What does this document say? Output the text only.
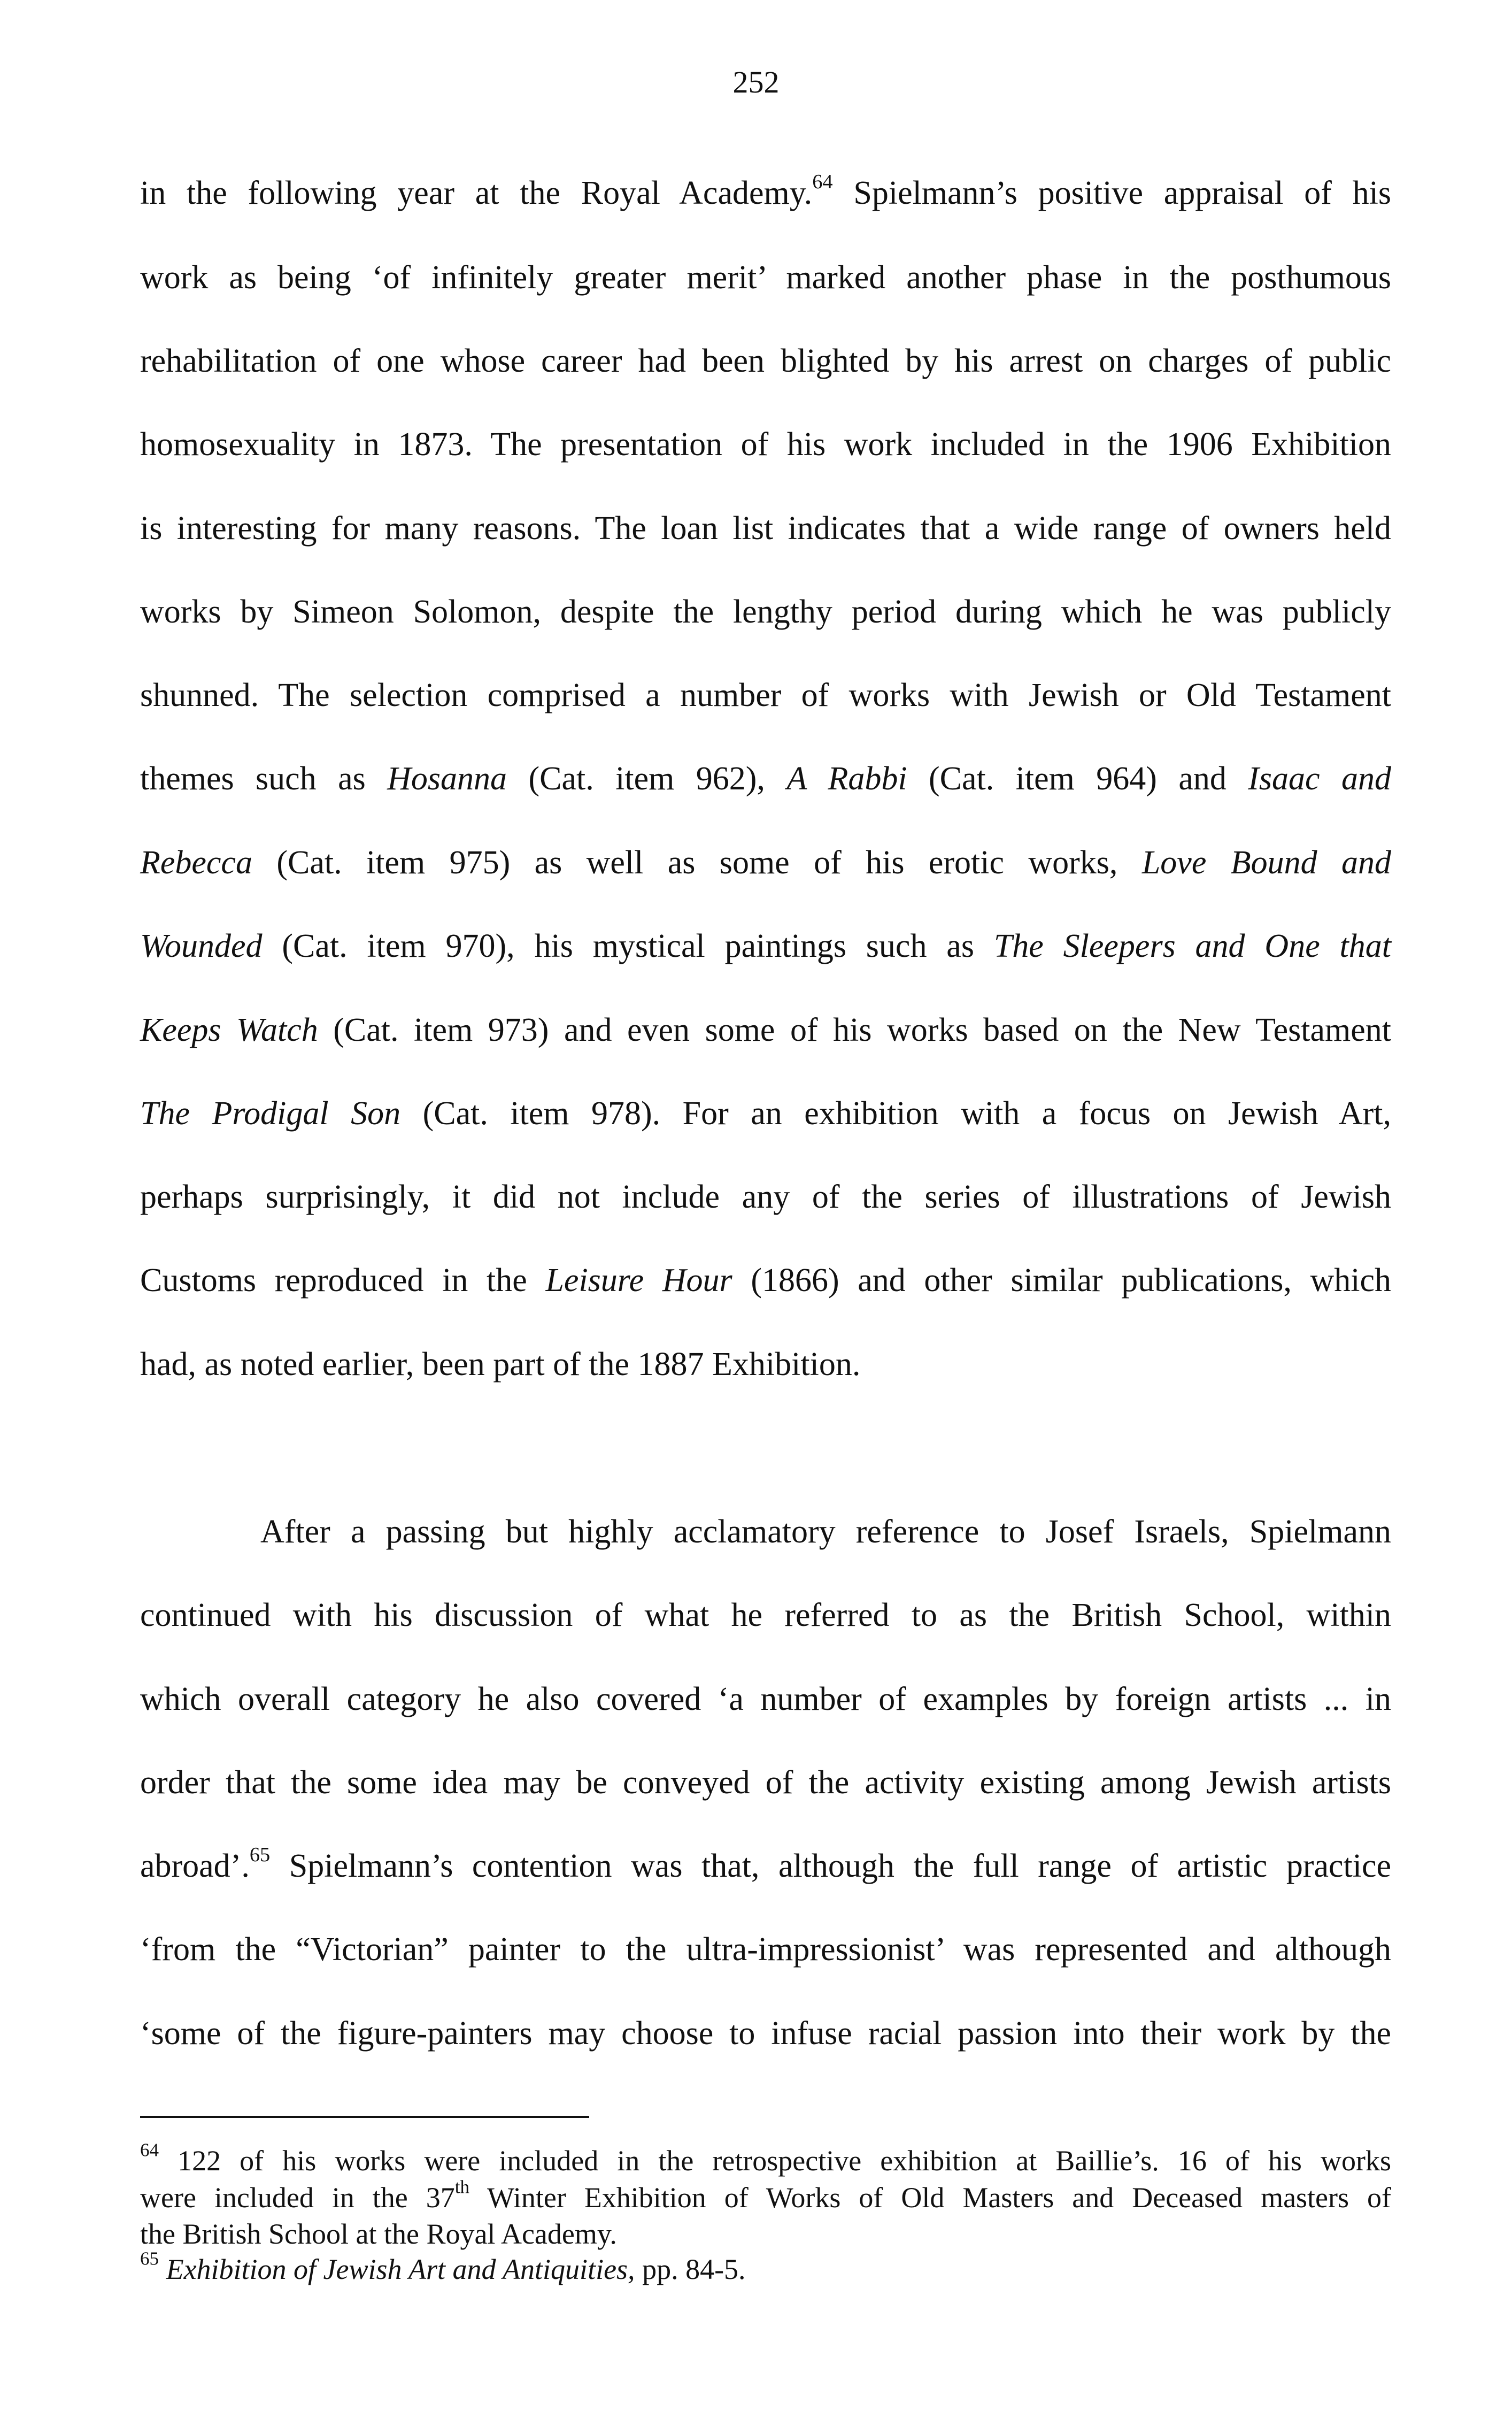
252
in the following year at the Royal Academy.$^{64}$ Spielmann’s positive appraisal of his
work as being ‘of infinitely greater merit’ marked another phase in the posthumous
rehabilitation of one whose career had been blighted by his arrest on charges of public
homosexuality in 1873. The presentation of his work included in the 1906 Exhibition
is interesting for many reasons. The loan list indicates that a wide range of owners held
works by Simeon Solomon, despite the lengthy period during which he was publicly
shunned. The selection comprised a number of works with Jewish or Old Testament
themes such as Hosanna (Cat. item 962), A Rabbi (Cat. item 964) and Isaac and
Rebecca (Cat. item 975) as well as some of his erotic works, Love Bound and
Wounded (Cat. item 970), his mystical paintings such as The Sleepers and One that
Keeps Watch (Cat. item 973) and even some of his works based on the New Testament
The Prodigal Son (Cat. item 978). For an exhibition with a focus on Jewish Art,
perhaps surprisingly, it did not include any of the series of illustrations of Jewish
Customs reproduced in the Leisure Hour (1866) and other similar publications, which
had, as noted earlier, been part of the 1887 Exhibition.
After a passing but highly acclamatory reference to Josef Israels, Spielmann
continued with his discussion of what he referred to as the British School, within
which overall category he also covered ‘a number of examples by foreign artists ... in
order that the some idea may be conveyed of the activity existing among Jewish artists
abroad’.$^{65}$ Spielmann’s contention was that, although the full range of artistic practice
‘from the “Victorian” painter to the ultra-impressionist’ was represented and although
‘some of the figure-painters may choose to infuse racial passion into their work by the
$^{64}$ 122 of his works were included in the retrospective exhibition at Baillie’s. 16 of his works
were included in the 37th Winter Exhibition of Works of Old Masters and Deceased masters of
the British School at the Royal Academy.
$^{65}$ Exhibition of Jewish Art and Antiquities, pp. 84-5.
